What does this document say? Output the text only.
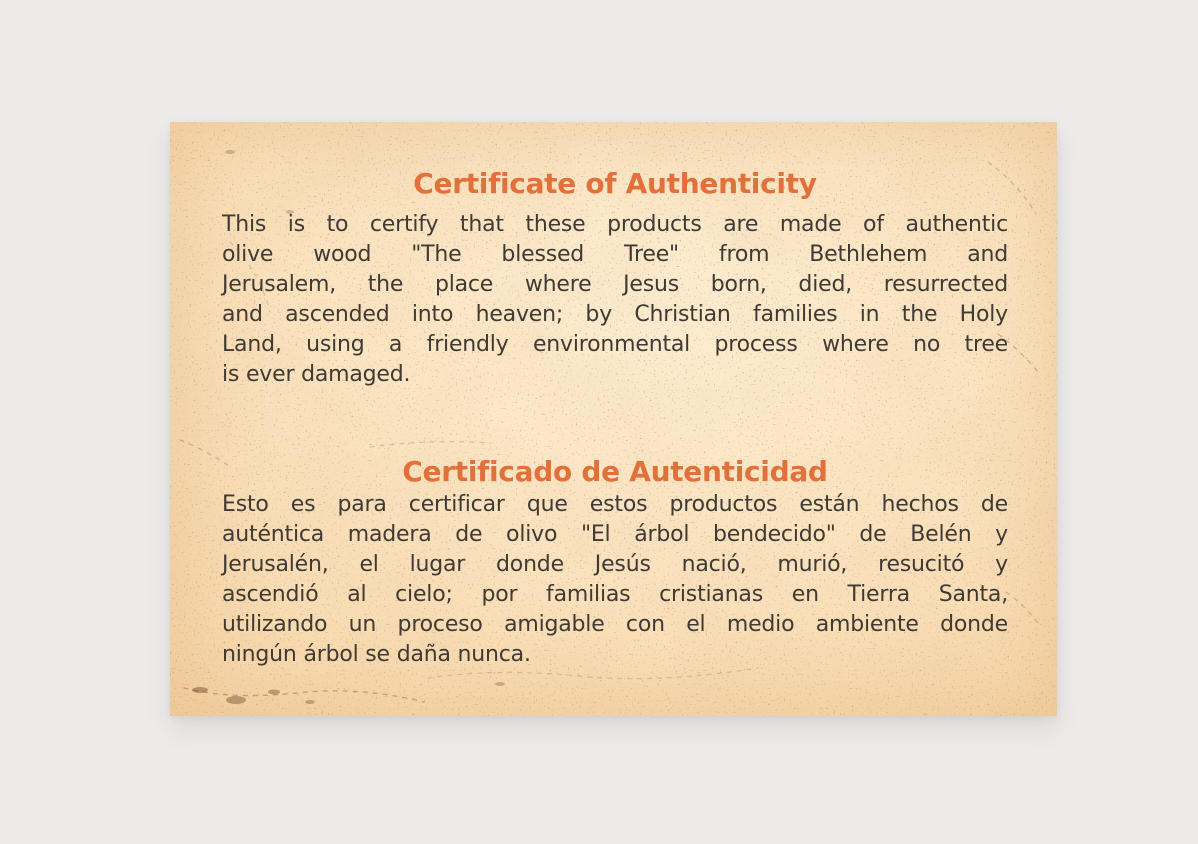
Certificate of Authenticity
This is to certify that these products are made of authentic
olive wood "The blessed Tree" from Bethlehem and
Jerusalem, the place where Jesus born, died, resurrected
and ascended into heaven; by Christian families in the Holy
Land, using a friendly environmental process where no tree
is ever damaged.
Certificado de Autenticidad
Esto es para certificar que estos productos están hechos de
auténtica madera de olivo "El árbol bendecido" de Belén y
Jerusalén, el lugar donde Jesús nació, murió, resucitó y
ascendió al cielo; por familias cristianas en Tierra Santa,
utilizando un proceso amigable con el medio ambiente donde
ningún árbol se daña nunca.
